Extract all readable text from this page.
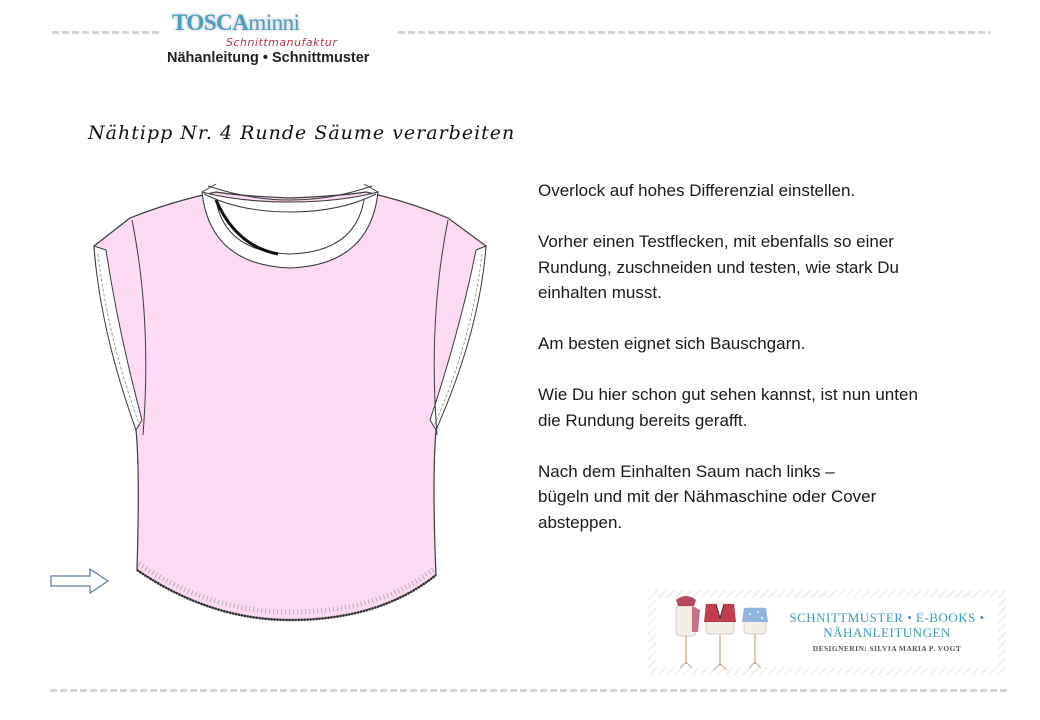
TOSCAminni
Schnittmanufaktur
Nähanleitung • Schnittmuster
Nähtipp Nr. 4 Runde Säume verarbeiten

Overlock auf hohes Differenzial einstellen.

Vorher einen Testflecken, mit ebenfalls so einer Rundung, zuschneiden und testen, wie stark Du einhalten musst.

Am besten eignet sich Bauschgarn.

Wie Du hier schon gut sehen kannst, ist nun unten die Rundung bereits gerafft.

Nach dem Einhalten Saum nach links – bügeln und mit der Nähmaschine oder Cover absteppen.

SCHNITTMUSTER • E-BOOKS •
NÄHANLEITUNGEN
DESIGNERIN: SILVIA MARIA P. VOGT
